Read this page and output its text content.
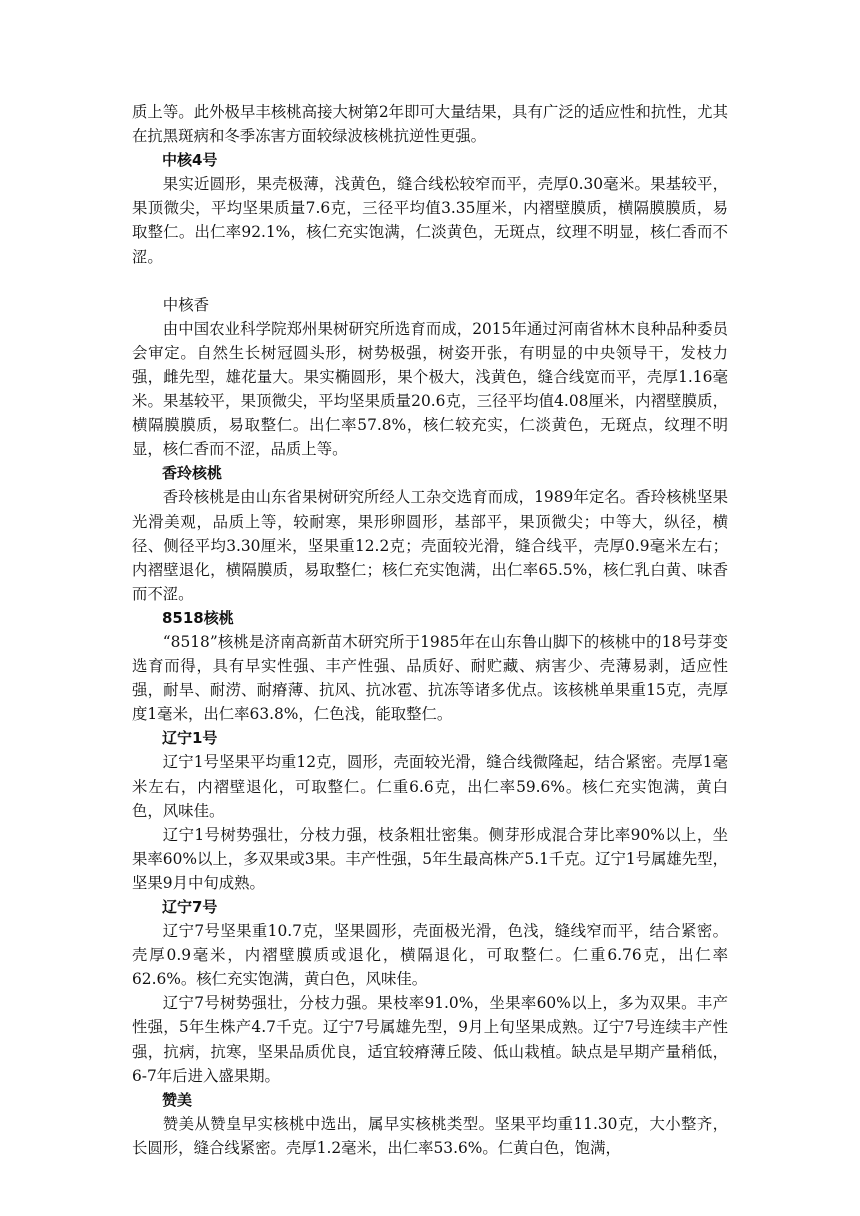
质上等。此外极早丰核桃高接大树第2年即可大量结果，具有广泛的适应性和抗性，尤其在抗黑斑病和冬季冻害方面较绿波核桃抗逆性更强。

中核4号

果实近圆形，果壳极薄，浅黄色，缝合线松较窄而平，壳厚0.30毫米。果基较平，果顶微尖，平均坚果质量7.6克，三径平均值3.35厘米，内褶壁膜质，横隔膜膜质，易取整仁。出仁率92.1%，核仁充实饱满，仁淡黄色，无斑点，纹理不明显，核仁香而不涩。

中核香

由中国农业科学院郑州果树研究所选育而成，2015年通过河南省林木良种品种委员会审定。自然生长树冠圆头形，树势极强，树姿开张，有明显的中央领导干，发枝力强，雌先型，雄花量大。果实椭圆形，果个极大，浅黄色，缝合线宽而平，壳厚1.16毫米。果基较平，果顶微尖，平均坚果质量20.6克，三径平均值4.08厘米，内褶壁膜质，横隔膜膜质，易取整仁。出仁率57.8%，核仁较充实，仁淡黄色，无斑点，纹理不明显，核仁香而不涩，品质上等。

香玲核桃

香玲核桃是由山东省果树研究所经人工杂交选育而成，1989年定名。香玲核桃坚果光滑美观，品质上等，较耐寒，果形卵圆形，基部平，果顶微尖；中等大，纵径，横径、侧径平均3.30厘米，坚果重12.2克；壳面较光滑，缝合线平，壳厚0.9毫米左右；内褶壁退化，横隔膜质，易取整仁；核仁充实饱满，出仁率65.5%，核仁乳白黄、味香而不涩。

8518核桃

“8518”核桃是济南高新苗木研究所于1985年在山东鲁山脚下的核桃中的18号芽变选育而得，具有早实性强、丰产性强、品质好、耐贮藏、病害少、壳薄易剥，适应性强，耐旱、耐涝、耐瘠薄、抗风、抗冰雹、抗冻等诸多优点。该核桃单果重15克，壳厚度1毫米，出仁率63.8%，仁色浅，能取整仁。

辽宁1号

辽宁1号坚果平均重12克，圆形，壳面较光滑，缝合线微隆起，结合紧密。壳厚1毫米左右，内褶壁退化，可取整仁。仁重6.6克，出仁率59.6%。核仁充实饱满，黄白色，风味佳。

辽宁1号树势强壮，分枝力强，枝条粗壮密集。侧芽形成混合芽比率90%以上，坐果率60%以上，多双果或3果。丰产性强，5年生最高株产5.1千克。辽宁1号属雄先型，坚果9月中旬成熟。

辽宁7号

辽宁7号坚果重10.7克，坚果圆形，壳面极光滑，色浅，缝线窄而平，结合紧密。壳厚0.9毫米，内褶壁膜质或退化，横隔退化，可取整仁。仁重6.76克，出仁率62.6%。核仁充实饱满，黄白色，风味佳。

辽宁7号树势强壮，分枝力强。果枝率91.0%，坐果率60%以上，多为双果。丰产性强，5年生株产4.7千克。辽宁7号属雄先型，9月上旬坚果成熟。辽宁7号连续丰产性强，抗病，抗寒，坚果品质优良，适宜较瘠薄丘陵、低山栽植。缺点是早期产量稍低，6-7年后进入盛果期。

赞美

赞美从赞皇早实核桃中选出，属早实核桃类型。坚果平均重11.30克，大小整齐，长圆形，缝合线紧密。壳厚1.2毫米，出仁率53.6%。仁黄白色，饱满，
